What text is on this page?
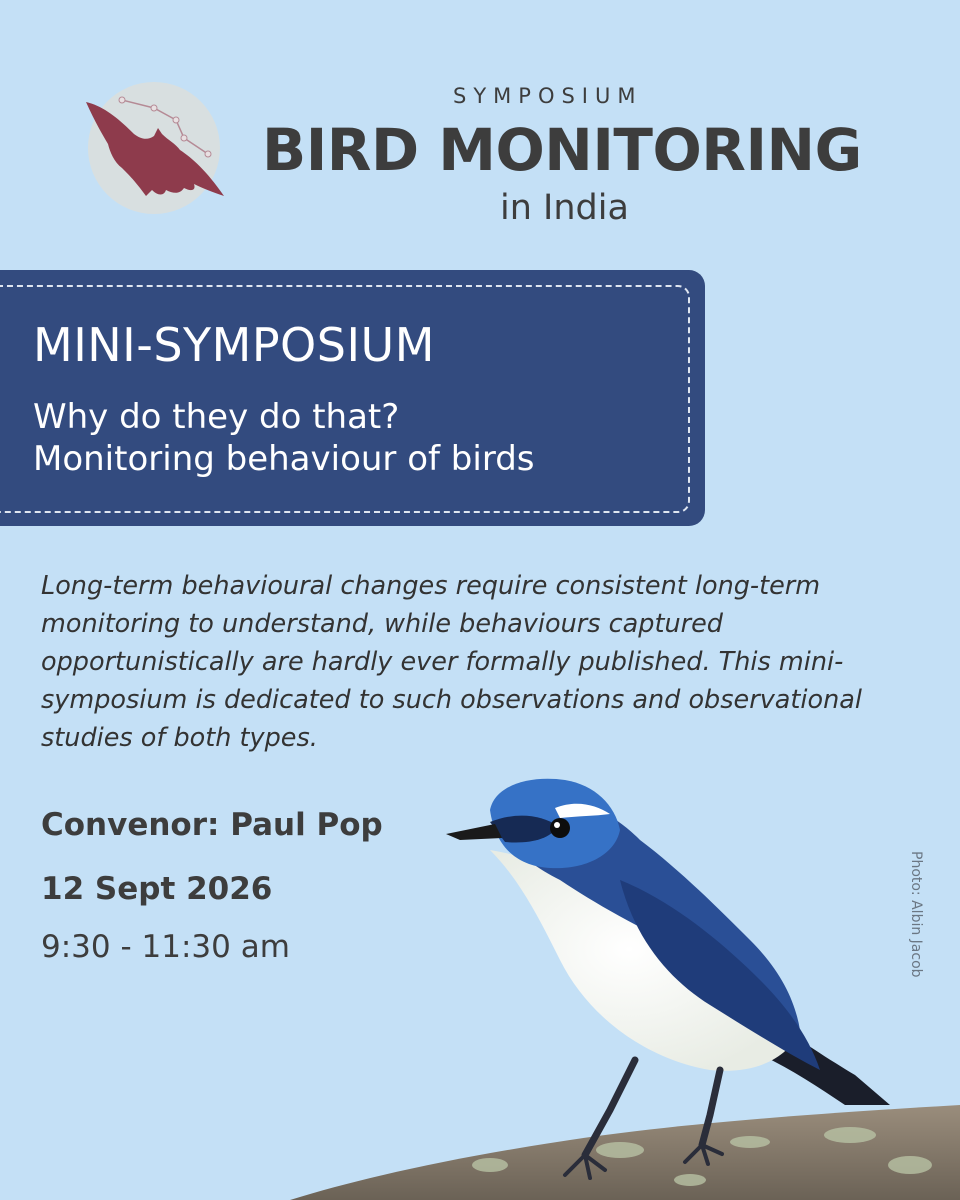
SYMPOSIUM
BIRD MONITORING
in India
MINI-SYMPOSIUM
Why do they do that?
Monitoring behaviour of birds
Long-term behavioural changes require consistent long-term monitoring to understand, while behaviours captured opportunistically are hardly ever formally published. This mini-symposium is dedicated to such observations and observational studies of both types.
Convenor: Paul Pop
12 Sept 2026
9:30 - 11:30 am	Photo: Albin Jacob
